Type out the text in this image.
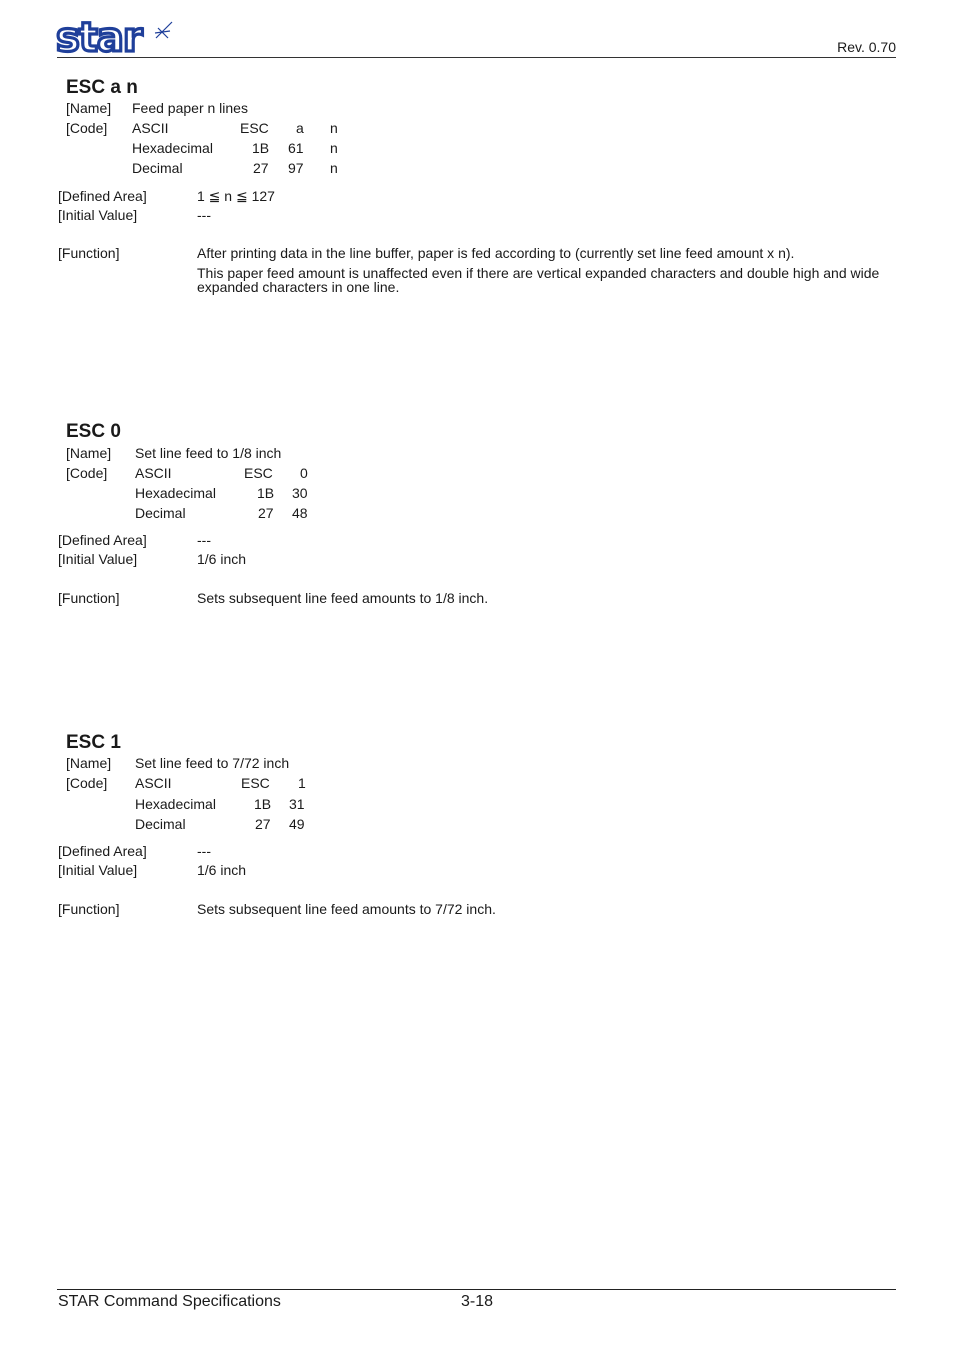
star	Rev. 0.70
ESC a n
[Name] Feed paper n lines
[Code] ASCII	ESC a n
Hexadecimal	1B 61 n
Decimal	27 97 n
[Defined Area]	1 ≦ n ≦ 127
[Initial Value]	---
[Function]	After printing data in the line buffer, paper is fed according to (currently set line feed amount x n).
This paper feed amount is unaffected even if there are vertical expanded characters and double high and wide expanded characters in one line.
ESC 0
[Name] Set line feed to 1/8 inch
[Code] ASCII	ESC 0
Hexadecimal	1B 30
Decimal	27 48
[Defined Area]	---
[Initial Value]	1/6 inch
[Function]	Sets subsequent line feed amounts to 1/8 inch.
ESC 1
[Name] Set line feed to 7/72 inch
[Code] ASCII	ESC 1
Hexadecimal	1B 31
Decimal	27 49
[Defined Area]	---
[Initial Value]	1/6 inch
[Function]	Sets subsequent line feed amounts to 7/72 inch.
STAR Command Specifications	3-18
